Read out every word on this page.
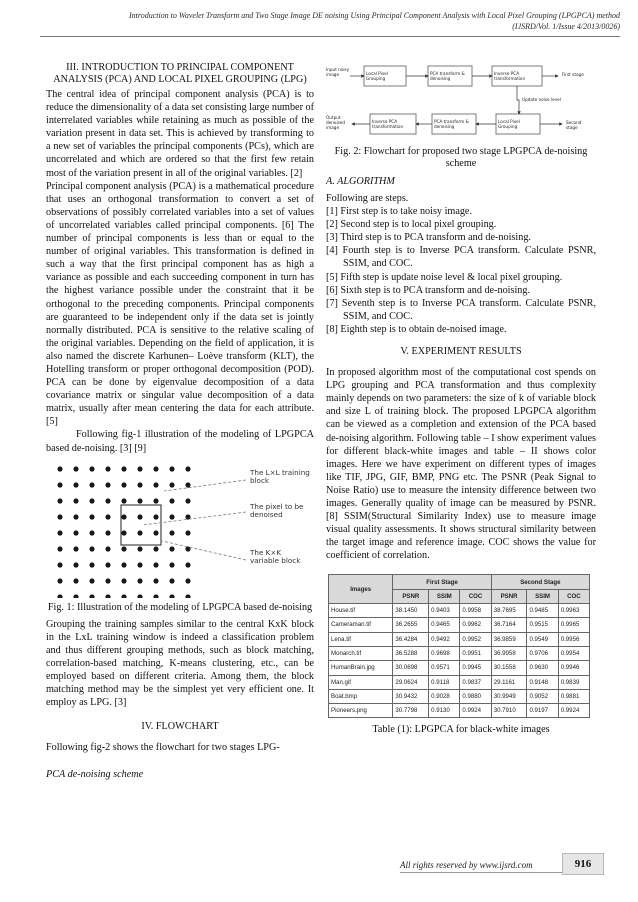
Introduction to Wavelet Transform and Two Stage Image DE noising Using Principal Component Analysis with Local Pixel Grouping (LPGPCA) method
(IJSRD/Vol. 1/Issue 4/2013/0026)
III. INTRODUCTION TO PRINCIPAL COMPONENT ANALYSIS (PCA) AND LOCAL PIXEL GROUPING (LPG)

The central idea of principal component analysis (PCA) is to reduce the dimensionality of a data set consisting large number of interrelated variables while retaining as much as possible of the variation present in data set. This is achieved by transforming to a new set of variables the principal components (PCs), which are uncorrelated and which are ordered so that the first few retain most of the variation present in all of the original variables. [2]

Principal component analysis (PCA) is a mathematical procedure that uses an orthogonal transformation to convert a set of observations of possibly correlated variables into a set of values of uncorrelated variables called principal components. [6] The number of principal components is less than or equal to the number of original variables. This transformation is defined in such a way that the first principal component has as high a variance as possible and each succeeding component in turn has the highest variance possible under the constraint that it be orthogonal to the preceding components. Principal components are guaranteed to be independent only if the data set is jointly normally distributed. PCA is sensitive to the relative scaling of the original variables. Depending on the field of application, it is also named the discrete Karhunen– Loève transform (KLT), the Hotelling transform or proper orthogonal decomposition (POD). PCA can be done by eigenvalue decomposition of a data covariance matrix or singular value decomposition of a data matrix, usually after mean centering the data for each attribute. [5]

Following fig-1 illustration of the modeling of LPGPCA based de-noising. [3] [9]

The L×L training block
The pixel to be denoised
The K×K variable block
Fig. 1: Illustration of the modeling of LPGPCA based de-noising

Grouping the training samples similar to the central KxK block in the LxL training window is indeed a classification problem and thus different grouping methods, such as block matching, correlation-based matching, K-means clustering, etc., can be employed based on different criteria. Among them, the block matching method may be the simplest yet very efficient one. It employ as LPG. [3]

IV. FLOWCHART

Following fig-2 shows the flowchart for two stages LPG-

PCA de-noising scheme

Input noisy image	Local Pixel Grouping
PCA transform & denoising
Inverse PCA transformation
First stage
Update noise level
Output denoised image
Inverse PCA transformation
PCA transform & denoising
Local Pixel Grouping
Second stage
Fig. 2: Flowchart for proposed two stage LPGPCA de-noising scheme
A. ALGORITHM

Following are steps.

[1] First step is to take noisy image.
[2] Second step is to local pixel grouping.
[3] Third step is to PCA transform and de-noising.
[4] Fourth step is to Inverse PCA transform. Calculate PSNR, SSIM, and COC.
[5] Fifth step is update noise level & local pixel grouping.
[6] Sixth step is to PCA transform and de-noising.
[7] Seventh step is to Inverse PCA transform. Calculate PSNR, SSIM, and COC.
[8] Eighth step is to obtain de-noised image.
V. EXPERIMENT RESULTS

In proposed algorithm most of the computational cost spends on LPG grouping and PCA transformation and thus complexity mainly depends on two parameters: the size of k of variable block and size L of training block. The proposed LPGPCA algorithm can be viewed as a completion and extension of the PCA based de-noising algorithm. Following table – I show experiment values for different black-white images and table – II shows color images. Here we have experiment on different types of images like TIF, JPG, GIF, BMP, PNG etc. The PSNR (Peak Signal to Noise Ratio) use to measure the intensity difference between two images. Generally quality of image can be measured by PSNR. [8] SSIM(Structural Similarity Index) use to measure image visual quality assessments. It shows structural similarity between the target image and reference image. COC shows the value for coefficient of correlation.

Images	First Stage			Second Stage		
	PSNR	SSIM	COC	PSNR	SSIM	COC
House.tif	38.1450	0.9403	0.9958	38.7695	0.9485	0.9963
Cameraman.tif	36.2655	0.9465	0.9962	36.7164	0.9515	0.9965
Lena.tif	36.4284	0.9492	0.9952	36.9859	0.9549	0.9956
Monarch.tif	36.5288	0.9698	0.9951	36.9958	0.9706	0.9954
HumanBrain.jpg	30.0698	0.9571	0.9945	30.1558	0.9630	0.9946
Man.gif	29.0624	0.9118	0.9837	29.1161	0.9148	0.9839
Boat.bmp	30.9432	0.9028	0.9880	30.9949	0.9052	0.9881
Pioneers.png	30.7798	0.9130	0.9924	30.7910	0.9197	0.9924
Table (1): LPGPCA for black-white images
All rights reserved by www.ijsrd.com	916
